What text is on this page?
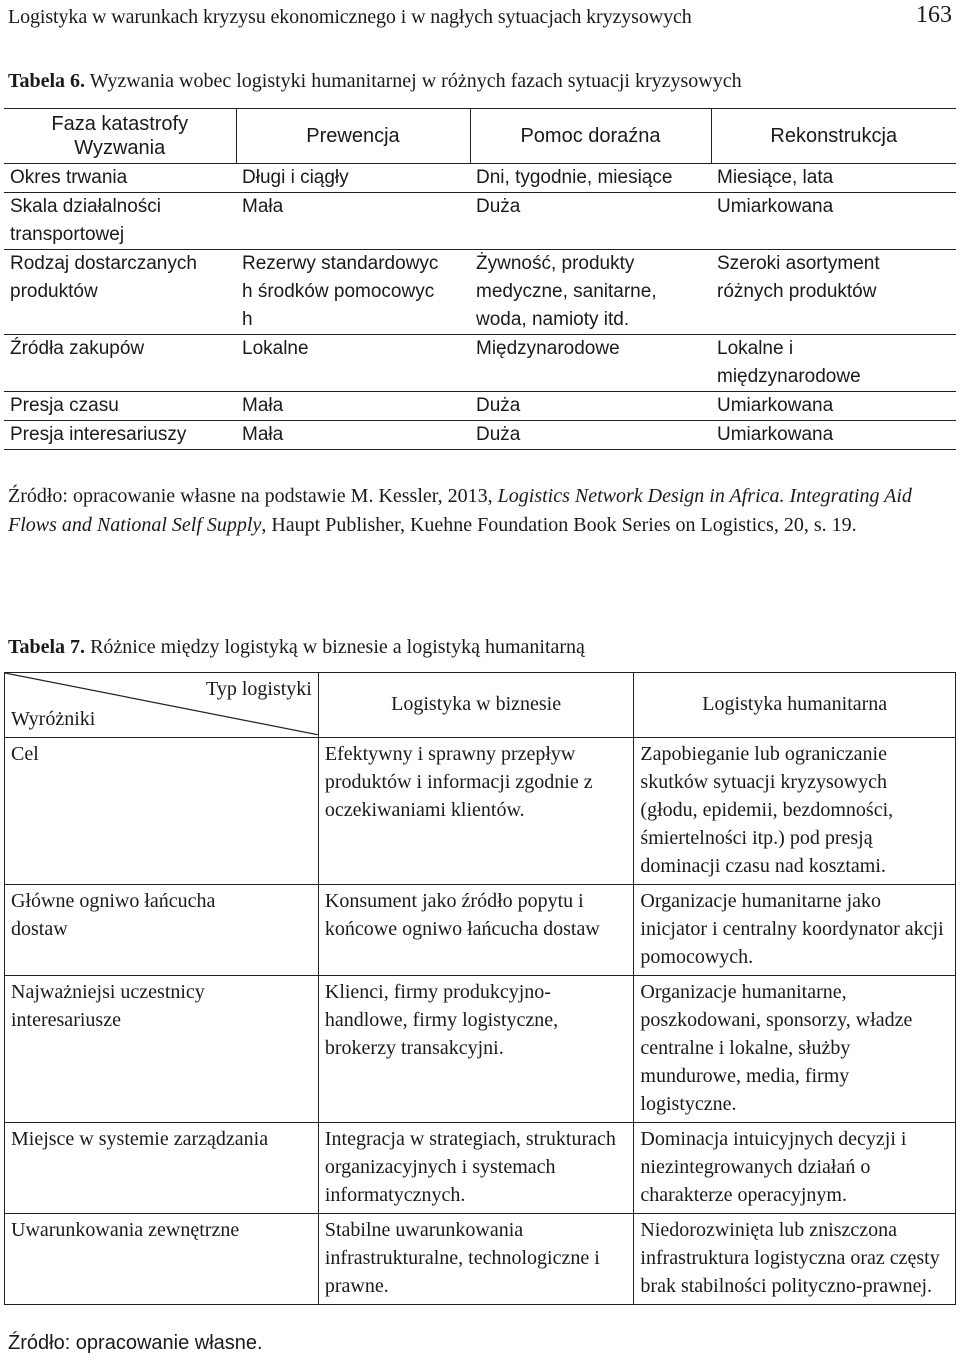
Logistyka w warunkach kryzysu ekonomicznego i w nagłych sytuacjach kryzysowych	163
Tabela 6. Wyzwania wobec logistyki humanitarnej w różnych fazach sytuacji kryzysowych
Faza katastrofy
Wyzwania	Prewencja	Pomoc doraźna	Rekonstrukcja
Okres trwania	Długi i ciągły	Dni, tygodnie, miesiące	Miesiące, lata

Skala działalności transportowej	Mała	Duża	Umiarkowana

Rodzaj dostarczanych produktów	Rezerwy standardowych środków pomocowych	Żywność, produkty medyczne, sanitarne, woda, namioty itd.	Szeroki asortyment różnych produktów

Źródła zakupów	Lokalne	Międzynarodowe	Lokalne i międzynarodowe

Presja czasu	Mała	Duża	Umiarkowana
Presja interesariuszy	Mała	Duża	Umiarkowana
Źródło: opracowanie własne na podstawie M. Kessler, 2013, Logistics Network Design in Africa. Integrating Aid Flows and National Self Supply, Haupt Publisher, Kuehne Foundation Book Series on Logistics, 20, s. 19.
Tabela 7. Różnice między logistyką w biznesie a logistyką humanitarną
Typ logistyki
Wyróżniki	Logistyka w biznesie	Logistyka humanitarna
Cel	Efektywny i sprawny przepływ produktów i informacji zgodnie z oczekiwaniami klientów.	Zapobieganie lub ograniczanie skutków sytuacji kryzysowych (głodu, epidemii, bezdomności, śmiertelności itp.) pod presją dominacji czasu nad kosztami.

Główne ogniwo łańcucha dostaw	Konsument jako źródło popytu i końcowe ogniwo łańcucha dostaw	Organizacje humanitarne jako inicjator i centralny koordynator akcji pomocowych.

Najważniejsi uczestnicy interesariusze	Klienci, firmy produkcyjno-handlowe, firmy logistyczne, brokerzy transakcyjni.	Organizacje humanitarne, poszkodowani, sponsorzy, władze centralne i lokalne, służby mundurowe, media, firmy logistyczne.
Miejsce w systemie zarządzania	Integracja w strategiach, strukturach organizacyjnych i systemach informatycznych.	Dominacja intuicyjnych decyzji i niezintegrowanych działań o charakterze operacyjnym.
Uwarunkowania zewnętrzne	Stabilne uwarunkowania infrastrukturalne, technologiczne i prawne.	Niedorozwinięta lub zniszczona infrastruktura logistyczna oraz częsty brak stabilności polityczno-prawnej.
Źródło: opracowanie własne.
